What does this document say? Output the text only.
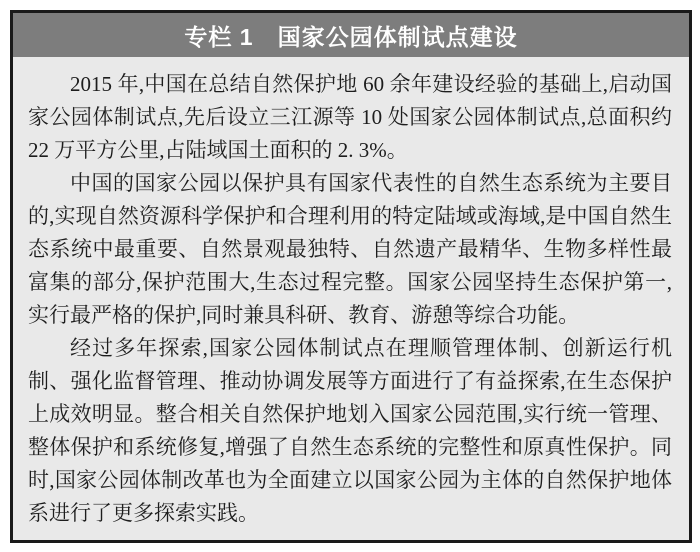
专栏 1　国家公园体制试点建设

2015 年,中国在总结自然保护地 60 余年建设经验的基础上,启动国家公园体制试点,先后设立三江源等 10 处国家公园体制试点,总面积约 22 万平方公里,占陆域国土面积的 2. 3%。

中国的国家公园以保护具有国家代表性的自然生态系统为主要目的,实现自然资源科学保护和合理利用的特定陆域或海域,是中国自然生态系统中最重要、自然景观最独特、自然遗产最精华、生物多样性最富集的部分,保护范围大,生态过程完整。国家公园坚持生态保护第一,实行最严格的保护,同时兼具科研、教育、游憩等综合功能。

经过多年探索,国家公园体制试点在理顺管理体制、创新运行机制、强化监督管理、推动协调发展等方面进行了有益探索,在生态保护上成效明显。整合相关自然保护地划入国家公园范围,实行统一管理、整体保护和系统修复,增强了自然生态系统的完整性和原真性保护。同时,国家公园体制改革也为全面建立以国家公园为主体的自然保护地体系进行了更多探索实践。
